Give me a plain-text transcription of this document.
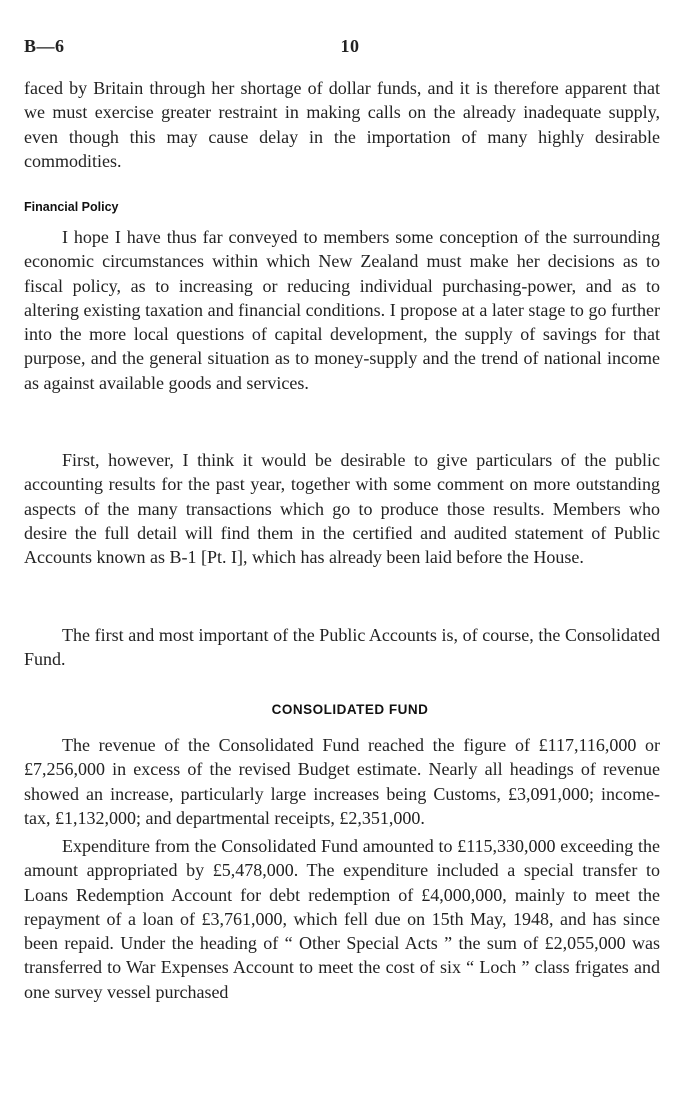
B—6	10

faced by Britain through her shortage of dollar funds, and it is therefore apparent that we must exercise greater restraint in making calls on the already inadequate supply, even though this may cause delay in the importation of many highly desirable commodities.

Financial Policy

I hope I have thus far conveyed to members some conception of the surrounding economic circumstances within which New Zealand must make her decisions as to fiscal policy, as to increasing or reducing individual purchasing-power, and as to altering existing taxation and financial conditions. I propose at a later stage to go further into the more local questions of capital development, the supply of savings for that purpose, and the general situation as to money-supply and the trend of national income as against available goods and services.

First, however, I think it would be desirable to give particulars of the public accounting results for the past year, together with some comment on more outstanding aspects of the many transactions which go to produce those results. Members who desire the full detail will find them in the certified and audited statement of Public Accounts known as B-1 [Pt. I], which has already been laid before the House.

The first and most important of the Public Accounts is, of course, the Consolidated Fund.

CONSOLIDATED FUND

The revenue of the Consolidated Fund reached the figure of £117,116,000 or £7,256,000 in excess of the revised Budget estimate. Nearly all headings of revenue showed an increase, particularly large increases being Customs, £3,091,000; income-tax, £1,132,000; and departmental receipts, £2,351,000.

Expenditure from the Consolidated Fund amounted to £115,330,000 exceeding the amount appropriated by £5,478,000. The expenditure included a special transfer to Loans Redemption Account for debt redemption of £4,000,000, mainly to meet the repayment of a loan of £3,761,000, which fell due on 15th May, 1948, and has since been repaid. Under the heading of “ Other Special Acts ” the sum of £2,055,000 was transferred to War Expenses Account to meet the cost of six “ Loch ” class frigates and one survey vessel purchased
